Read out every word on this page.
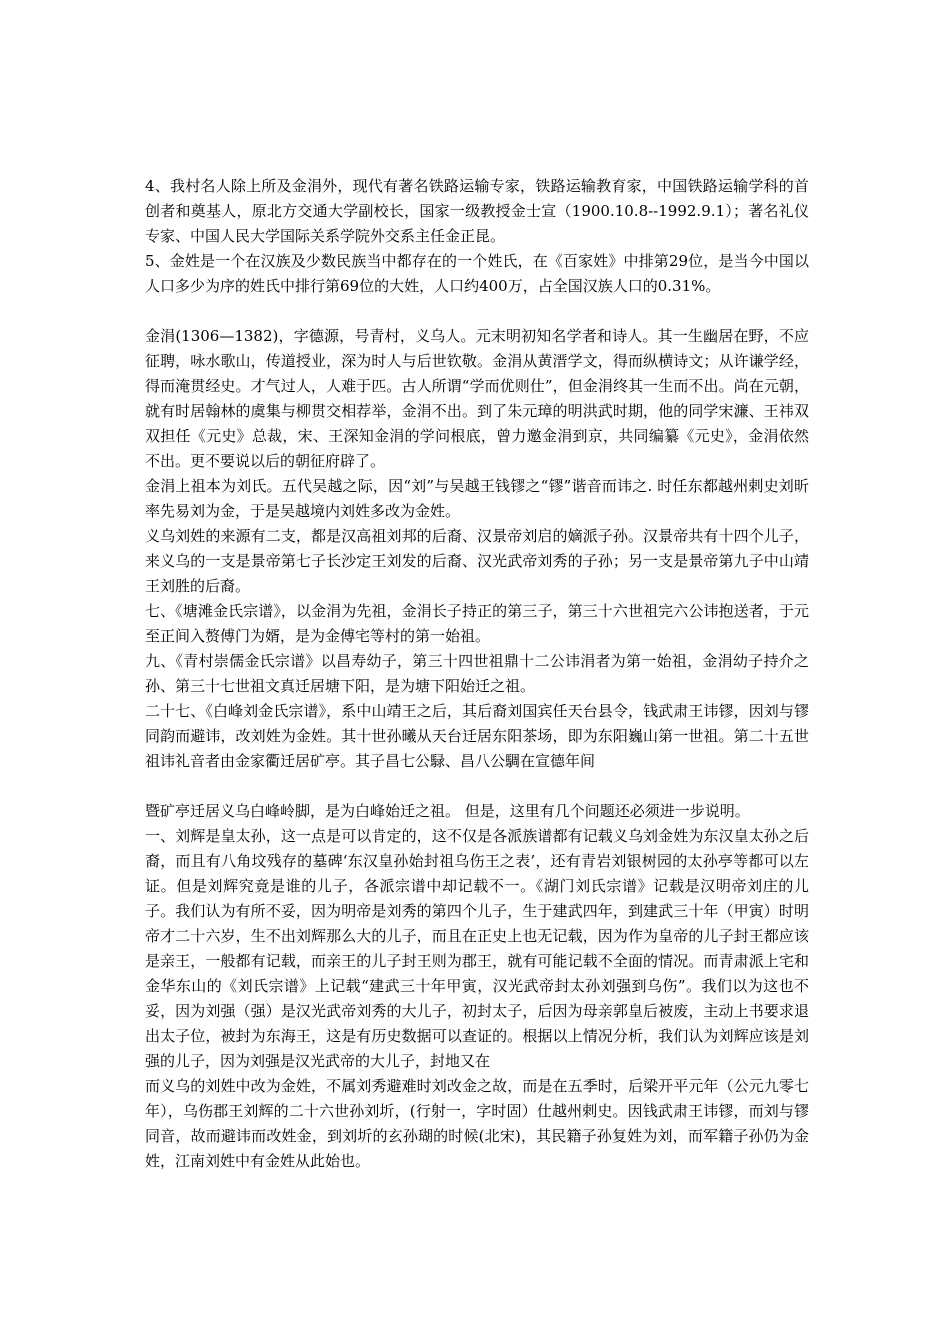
4、我村名人除上所及金涓外，现代有著名铁路运输专家，铁路运输教育家，中国铁路运输学科的首创者和奠基人，原北方交通大学副校长，国家一级教授金士宣（1900.10.8--1992.9.1）；著名礼仪专家、中国人民大学国际关系学院外交系主任金正昆。

5、金姓是一个在汉族及少数民族当中都存在的一个姓氏，在《百家姓》中排第29位，是当今中国以人口多少为序的姓氏中排行第69位的大姓，人口约400万，占全国汉族人口的0.31%。

金涓(1306—1382)，字德源，号青村，义乌人。元末明初知名学者和诗人。其一生幽居在野，不应征聘，咏水歌山，传道授业，深为时人与后世钦敬。金涓从黄溍学文，得而纵横诗文；从许谦学经，得而淹贯经史。才气过人，人难于匹。古人所谓“学而优则仕”，但金涓终其一生而不出。尚在元朝，就有时居翰林的虞集与柳贯交相荐举，金涓不出。到了朱元璋的明洪武时期，他的同学宋濂、王祎双双担任《元史》总裁，宋、王深知金涓的学问根底，曾力邀金涓到京，共同编纂《元史》，金涓依然不出。更不要说以后的朝征府辟了。

金涓上祖本为刘氏。五代吴越之际，因“刘”与吴越王钱镠之“镠”谐音而讳之. 时任东都越州剌史刘昕率先易刘为金，于是吴越境内刘姓多改为金姓。

义乌刘姓的来源有二支，都是汉高祖刘邦的后裔、汉景帝刘启的嫡派子孙。汉景帝共有十四个儿子，来义乌的一支是景帝第七子长沙定王刘发的后裔、汉光武帝刘秀的子孙；另一支是景帝第九子中山靖王刘胜的后裔。

七、《塘滩金氏宗谱》，以金涓为先祖，金涓长子持正的第三子，第三十六世祖完六公讳抱送者，于元至正间入赘傅门为婿，是为金傅宅等村的第一始祖。

九、《青村崇儒金氏宗谱》以昌寿幼子，第三十四世祖鼎十二公讳涓者为第一始祖，金涓幼子持介之孙、第三十七世祖文真迁居塘下阳，是为塘下阳始迁之祖。

二十七、《白峰刘金氏宗谱》，系中山靖王之后，其后裔刘国宾任天台县令，钱武肃王讳镠，因刘与镠同韵而避讳，改刘姓为金姓。其十世孙曦从天台迁居东阳茶场，即为东阳巍山第一世祖。第二十五世祖讳礼音者由金家衢迁居矿亭。其子昌七公騄、昌八公騆在宣德年间

暨矿亭迁居义乌白峰岭脚，是为白峰始迁之祖。 但是，这里有几个问题还必须进一步说明。

一、刘辉是皇太孙，这一点是可以肯定的，这不仅是各派族谱都有记载义乌刘金姓为东汉皇太孙之后裔，而且有八角坟残存的墓碑‘东汉皇孙始封祖乌伤王之表’，还有青岩刘银树园的太孙亭等都可以左证。但是刘辉究竟是谁的儿子，各派宗谱中却记载不一。《湖门刘氏宗谱》记载是汉明帝刘庄的儿子。我们认为有所不妥，因为明帝是刘秀的第四个儿子，生于建武四年，到建武三十年（甲寅）时明帝才二十六岁，生不出刘辉那么大的儿子，而且在正史上也无记载，因为作为皇帝的儿子封王都应该是亲王，一般都有记载，而亲王的儿子封王则为郡王，就有可能记载不全面的情况。而青肃派上宅和金华东山的《刘氏宗谱》上记载“建武三十年甲寅，汉光武帝封太孙刘强到乌伤”。我们以为这也不妥，因为刘强（强）是汉光武帝刘秀的大儿子，初封太子，后因为母亲郭皇后被废，主动上书要求退出太子位，被封为东海王，这是有历史数据可以查证的。根据以上情况分析，我们认为刘辉应该是刘强的儿子，因为刘强是汉光武帝的大儿子，封地又在

而义乌的刘姓中改为金姓，不属刘秀避难时刘改金之故，而是在五季时，后梁开平元年（公元九零七年），乌伤郡王刘辉的二十六世孙刘圻，(行射一，字时固）仕越州剌史。因钱武肃王讳镠，而刘与镠同音，故而避讳而改姓金，到刘圻的玄孙瑚的时候(北宋)，其民籍子孙复姓为刘，而军籍子孙仍为金姓，江南刘姓中有金姓从此始也。
